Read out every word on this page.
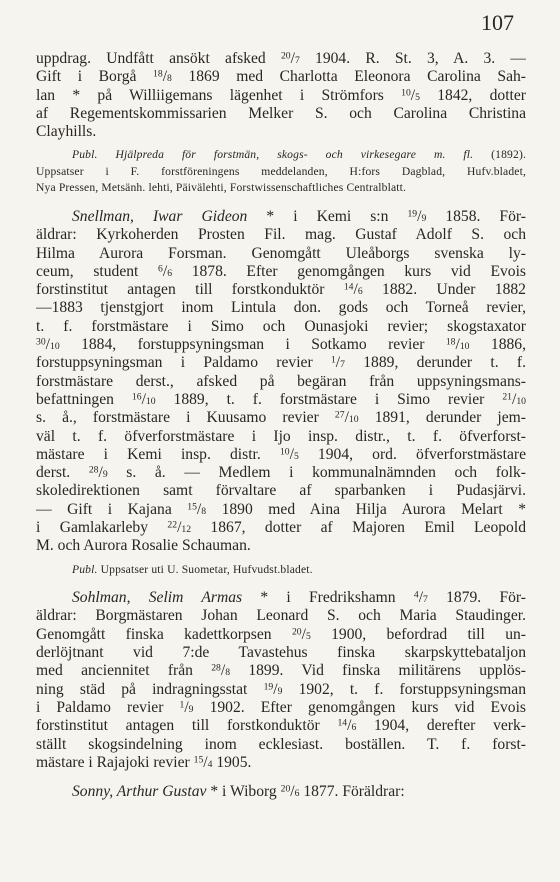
107
uppdrag. Undfått ansökt afsked $^{20}$/7 1904. R. St. 3, A. 3. —
Gift i Borgå $^{18}$/8 1869 med Charlotta Eleonora Carolina Sah-
lan * på Williigemans lägenhet i Strömfors $^{10}$/5 1842, dotter
af Regementskommissarien Melker S. och Carolina Christina
Clayhills.
Publ. Hjälpreda för forstmän, skogs- och virkesegare m. fl. (1892).
Uppsatser i F. forstföreningens meddelanden, H:fors Dagblad, Hufv.bladet,
Nya Pressen, Metsänh. lehti, Päivälehti, Forstwissenschaftliches Centralblatt.
Snellman, Iwar Gideon * i Kemi s:n $^{19}$/9 1858. För-
äldrar: Kyrkoherden Prosten Fil. mag. Gustaf Adolf S. och
Hilma Aurora Forsman. Genomgått Uleåborgs svenska ly-
ceum, student $^6$/6 1878. Efter genomgången kurs vid Evois
forstinstitut antagen till forstkonduktör $^{14}$/6 1882. Under 1882
—1883 tjenstgjort inom Lintula don. gods och Torneå revier,
t. f. forstmästare i Simo och Ounasjoki revier; skogstaxator
$^{30}$/10 1884, forstuppsyningsman i Sotkamo revier $^{18}$/10 1886,
forstuppsyningsman i Paldamo revier $^1$/7 1889, derunder t. f.
forstmästare derst., afsked på begäran från uppsyningsmans-
befattningen $^{16}$/10 1889, t. f. forstmästare i Simo revier $^{21}$/10
s. å., forstmästare i Kuusamo revier $^{27}$/10 1891, derunder jem-
väl t. f. öfverforstmästare i Ijo insp. distr., t. f. öfverforst-
mästare i Kemi insp. distr. $^{10}$/5 1904, ord. öfverforstmästare
derst. $^{28}$/9 s. å. — Medlem i kommunalnämnden och folk-
skoledirektionen samt förvaltare af sparbanken i Pudasjärvi.
— Gift i Kajana $^{15}$/8 1890 med Aina Hilja Aurora Melart *
i Gamlakarleby $^{22}$/12 1867, dotter af Majoren Emil Leopold
M. och Aurora Rosalie Schauman.
Publ. Uppsatser uti U. Suometar, Hufvudst.bladet.
Sohlman, Selim Armas * i Fredrikshamn $^4$/7 1879. För-
äldrar: Borgmästaren Johan Leonard S. och Maria Staudinger.
Genomgått finska kadettkorpsen $^{20}$/5 1900, befordrad till un-
derlöjtnant vid 7:de Tavastehus finska skarpskyttebataljon
med anciennitet från $^{28}$/8 1899. Vid finska militärens upplös-
ning städ på indragningsstat $^{19}$/9 1902, t. f. forstuppsyningsman
i Paldamo revier $^1$/9 1902. Efter genomgången kurs vid Evois
forstinstitut antagen till forstkonduktör $^{14}$/6 1904, derefter verk-
ställt skogsindelning inom ecklesiast. boställen. T. f. forst-
mästare i Rajajoki revier $^{15}$/4 1905.
Sonny, Arthur Gustav * i Wiborg $^{20}$/6 1877. Föräldrar:
